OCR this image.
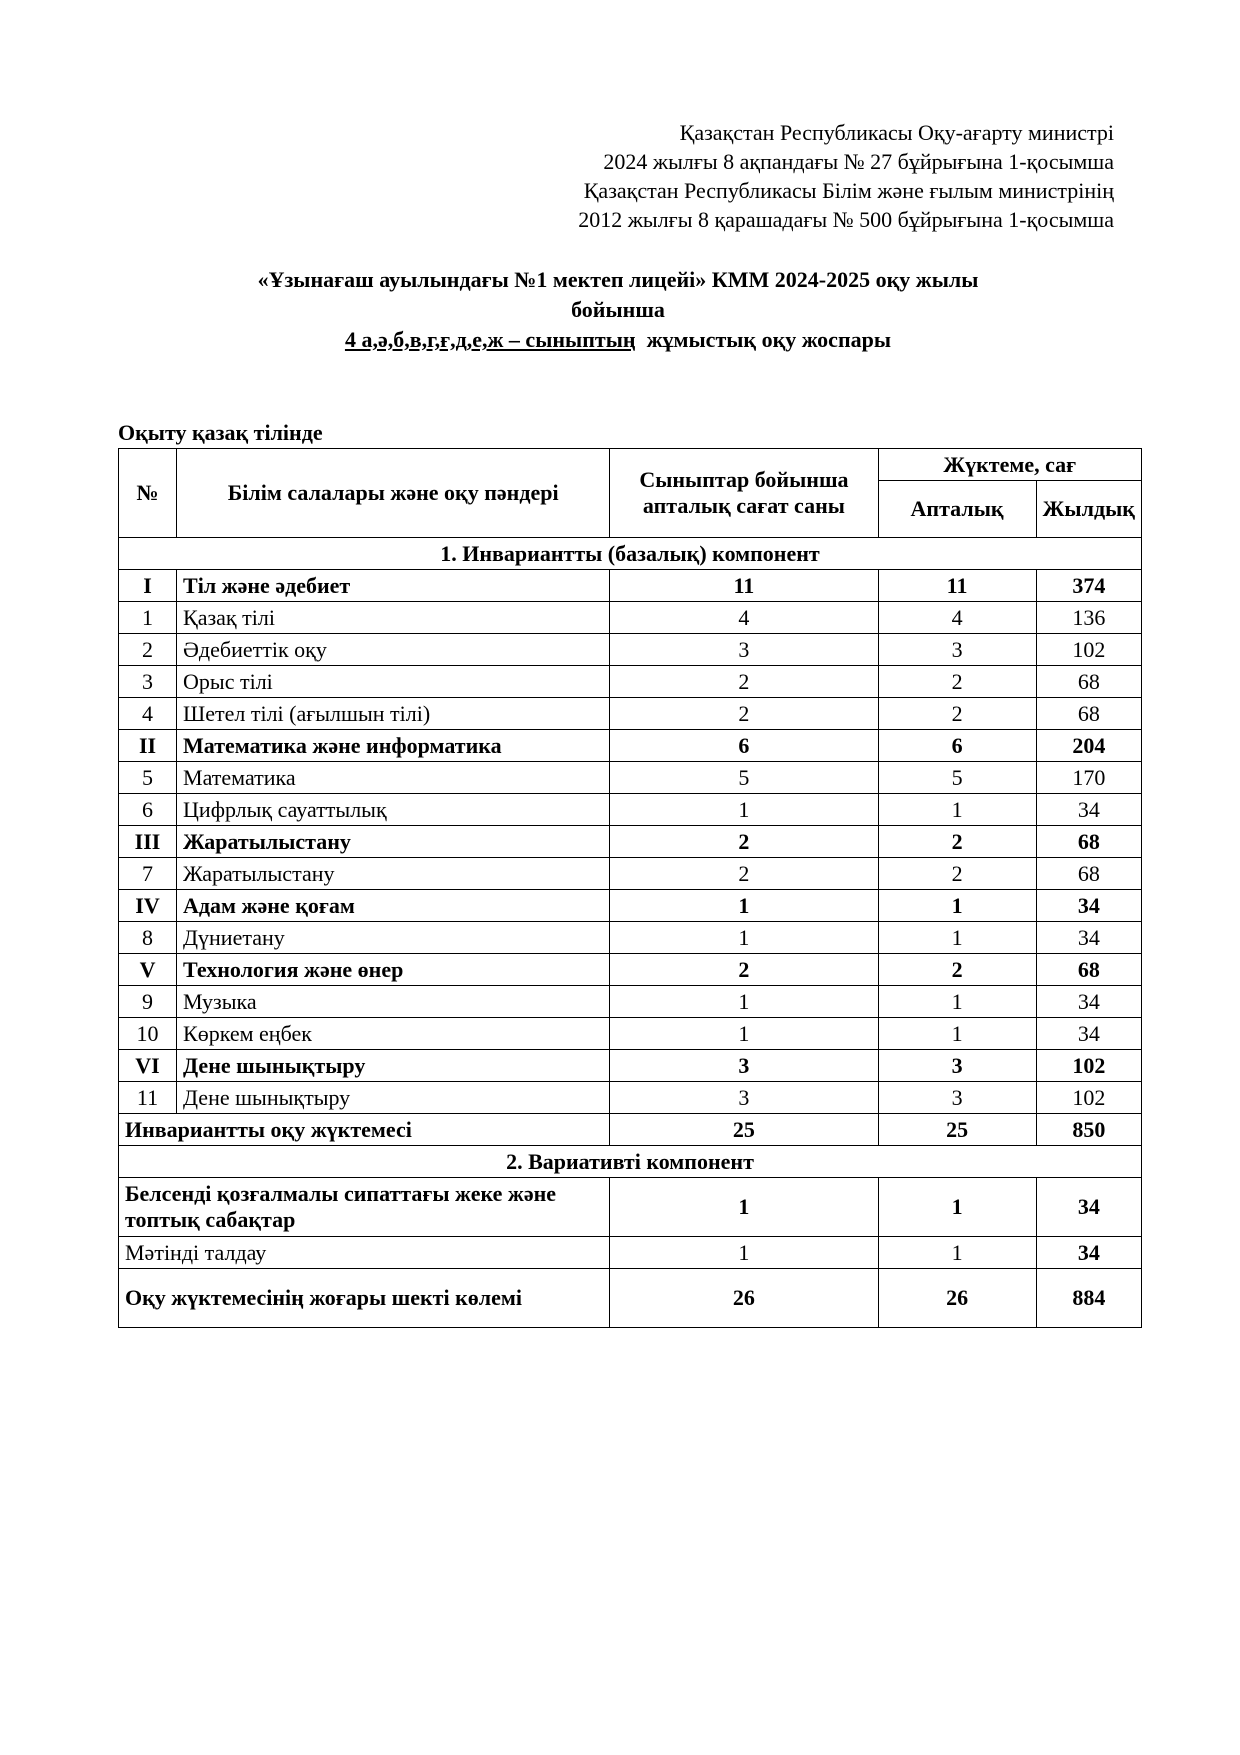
Қазақстан Республикасы Оқу-ағарту министрі
2024 жылғы 8 ақпандағы № 27 бұйрығына 1-қосымша
Қазақстан Республикасы Білім және ғылым министрінің
2012 жылғы 8 қарашадағы № 500 бұйрығына 1-қосымша
«Ұзынағаш ауылындағы №1 мектеп лицейі» КММ 2024-2025 оқу жылы
бойынша
4 а,ә,б,в,г,ғ,д,е,ж – сыныптың жұмыстық оқу жоспары
Оқыту қазақ тілінде
№	Білім салалары және оқу пәндері	Сыныптар бойынша апталық сағат саны	Жүктеме, сағ	
			Апталық	Жылдық
1. Инвариантты (базалық) компонент				
I	Тіл және әдебиет	11	11	374
1	Қазақ тілі	4	4	136
2	Әдебиеттік оқу	3	3	102
3	Орыс тілі	2	2	68
4	Шетел тілі (ағылшын тілі)	2	2	68
II	Математика және информатика	6	6	204
5	Математика	5	5	170
6	Цифрлық сауаттылық	1	1	34
III	Жаратылыстану	2	2	68
7	Жаратылыстану	2	2	68
IV	Адам және қоғам	1	1	34
8	Дүниетану	1	1	34
V	Технология және өнер	2	2	68
9	Музыка	1	1	34
10	Көркем еңбек	1	1	34
VI	Дене шынықтыру	3	3	102
11	Дене шынықтыру	3	3	102
Инвариантты оқу жүктемесі		25	25	850
2. Вариативті компонент				
Белсенді қозғалмалы сипаттағы жеке және топтық сабақтар		1	1	34
Мәтінді талдау		1	1	34
Оқу жүктемесінің жоғары шекті көлемі		26	26	884
